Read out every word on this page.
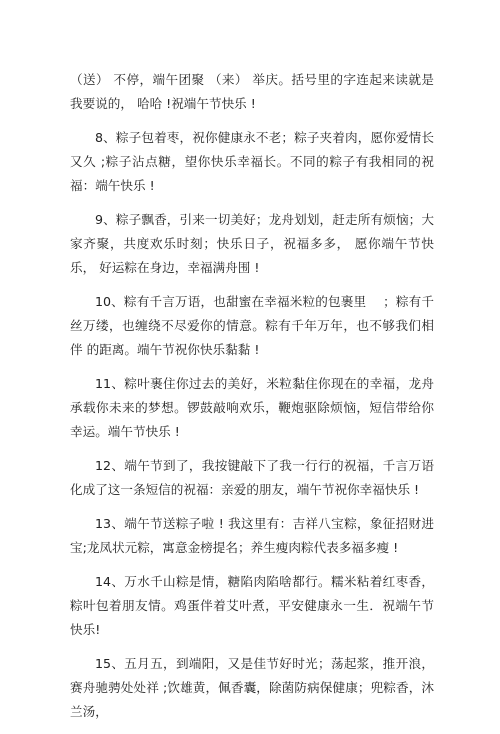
（送） 不停，端午团聚 （来） 举庆。括号里的字连起来读就是我要说的， 哈哈 !祝端午节快乐 !

8、粽子包着枣，祝你健康永不老；粽子夹着肉，愿你爱情长 又久 ;粽子沾点糖，望你快乐幸福长。不同的粽子有我相同的祝 福：端午快乐 !

9、粽子飘香，引来一切美好；龙舟划划，赶走所有烦恼；大 家齐聚，共度欢乐时刻；快乐日子，祝福多多， 愿你端午节快乐， 好运粽在身边，幸福满舟围 !

10、粽有千言万语，也甜蜜在幸福米粒的包裹里　 ；粽有千丝万缕，也缠绕不尽爱你的情意。粽有千年万年，也不够我们相伴 的距离。端午节祝你快乐黏黏 !

11、粽叶裹住你过去的美好，米粒黏住你现在的幸福，龙舟 承载你未来的梦想。锣鼓敲响欢乐，鞭炮驱除烦恼，短信带给你 幸运。端午节快乐 !

12、端午节到了，我按键敲下了我一行行的祝福，千言万语 化成了这一条短信的祝福：亲爱的朋友，端午节祝你幸福快乐 !

13、端午节送粽子啦 ! 我这里有：吉祥八宝粽，象征招财进 宝;龙凤状元粽，寓意金榜提名；养生瘦肉粽代表多福多瘦 !

14、万水千山粽是情，糖陷肉陷啥都行。糯米粘着红枣香，粽叶包着朋友情。鸡蛋伴着艾叶煮，平安健康永一生．祝端午节 快乐!

15、五月五，到端阳，又是佳节好时光；荡起浆，推开浪， 赛舟驰骋处处祥 ;饮雄黄，佩香囊，除菌防病保健康；兜粽香，沐 兰汤，
